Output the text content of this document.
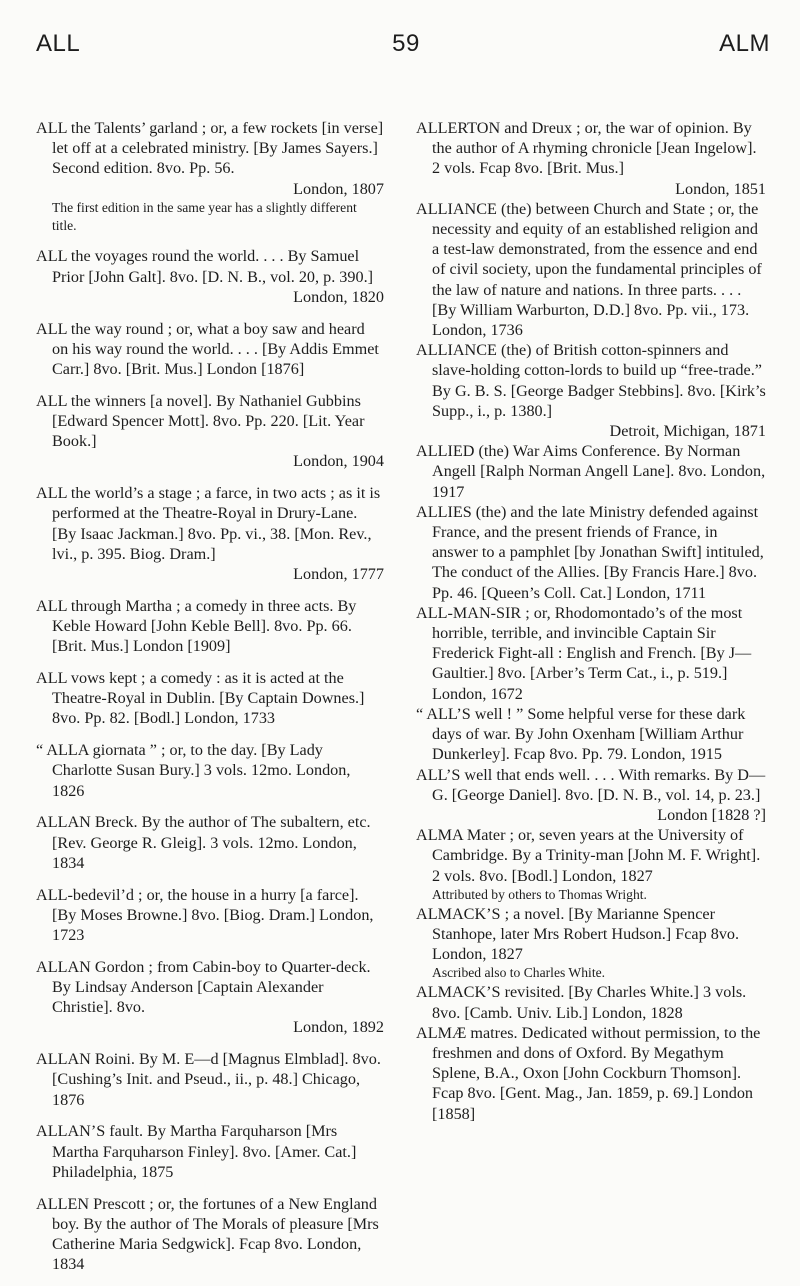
ALL	59	ALM

ALL the Talents’ garland ; or, a few rockets [in verse] let off at a celebrated ministry. [By James Sayers.] Second edition. 8vo. Pp. 56.

London, 1807

The first edition in the same year has a slightly different title.

ALL the voyages round the world. . . . By Samuel Prior [John Galt]. 8vo. [D. N. B., vol. 20, p. 390.]

London, 1820

ALL the way round ; or, what a boy saw and heard on his way round the world. . . . [By Addis Emmet Carr.] 8vo. [Brit. Mus.] London [1876]

ALL the winners [a novel]. By Nathaniel Gubbins [Edward Spencer Mott]. 8vo. Pp. 220. [Lit. Year Book.]

London, 1904

ALL the world’s a stage ; a farce, in two acts ; as it is performed at the Theatre-Royal in Drury-Lane. [By Isaac Jackman.] 8vo. Pp. vi., 38. [Mon. Rev., lvi., p. 395. Biog. Dram.]

London, 1777

ALL through Martha ; a comedy in three acts. By Keble Howard [John Keble Bell]. 8vo. Pp. 66. [Brit. Mus.] London [1909]

ALL vows kept ; a comedy : as it is acted at the Theatre-Royal in Dublin. [By Captain Downes.] 8vo. Pp. 82. [Bodl.] London, 1733

“ ALLA giornata ” ; or, to the day. [By Lady Charlotte Susan Bury.] 3 vols. 12mo. London, 1826

ALLAN Breck. By the author of The subaltern, etc. [Rev. George R. Gleig]. 3 vols. 12mo. London, 1834

ALL-bedevil’d ; or, the house in a hurry [a farce]. [By Moses Browne.] 8vo. [Biog. Dram.] London, 1723

ALLAN Gordon ; from Cabin-boy to Quarter-deck. By Lindsay Anderson [Captain Alexander Christie]. 8vo.

London, 1892

ALLAN Roini. By M. E—d [Magnus Elmblad]. 8vo. [Cushing’s Init. and Pseud., ii., p. 48.] Chicago, 1876

ALLAN’S fault. By Martha Farquharson [Mrs Martha Farquharson Finley]. 8vo. [Amer. Cat.] Philadelphia, 1875

ALLEN Prescott ; or, the fortunes of a New England boy. By the author of The Morals of pleasure [Mrs Catherine Maria Sedgwick]. Fcap 8vo. London, 1834

ALLERTON and Dreux ; or, the war of opinion. By the author of A rhyming chronicle [Jean Ingelow]. 2 vols. Fcap 8vo. [Brit. Mus.]

London, 1851

ALLIANCE (the) between Church and State ; or, the necessity and equity of an established religion and a test-law demonstrated, from the essence and end of civil society, upon the fundamental principles of the law of nature and nations. In three parts. . . . [By William Warburton, D.D.] 8vo. Pp. vii., 173. London, 1736

ALLIANCE (the) of British cotton-spinners and slave-holding cotton-lords to build up “free-trade.” By G. B. S. [George Badger Stebbins]. 8vo. [Kirk’s Supp., i., p. 1380.]

Detroit, Michigan, 1871

ALLIED (the) War Aims Conference. By Norman Angell [Ralph Norman Angell Lane]. 8vo. London, 1917

ALLIES (the) and the late Ministry defended against France, and the present friends of France, in answer to a pamphlet [by Jonathan Swift] intituled, The conduct of the Allies. [By Francis Hare.] 8vo. Pp. 46. [Queen’s Coll. Cat.] London, 1711

ALL-MAN-SIR ; or, Rhodomontado’s of the most horrible, terrible, and invincible Captain Sir Frederick Fight-all : English and French. [By J— Gaultier.] 8vo. [Arber’s Term Cat., i., p. 519.] London, 1672

“ ALL’S well ! ” Some helpful verse for these dark days of war. By John Oxenham [William Arthur Dunkerley]. Fcap 8vo. Pp. 79. London, 1915

ALL’S well that ends well. . . . With remarks. By D—G. [George Daniel]. 8vo. [D. N. B., vol. 14, p. 23.]

London [1828 ?]

ALMA Mater ; or, seven years at the University of Cambridge. By a Trinity-man [John M. F. Wright]. 2 vols. 8vo. [Bodl.] London, 1827

Attributed by others to Thomas Wright.

ALMACK’S ; a novel. [By Marianne Spencer Stanhope, later Mrs Robert Hudson.] Fcap 8vo. London, 1827

Ascribed also to Charles White.

ALMACK’S revisited. [By Charles White.] 3 vols. 8vo. [Camb. Univ. Lib.] London, 1828

ALMÆ matres. Dedicated without permission, to the freshmen and dons of Oxford. By Megathym Splene, B.A., Oxon [John Cockburn Thomson]. Fcap 8vo. [Gent. Mag., Jan. 1859, p. 69.] London [1858]
